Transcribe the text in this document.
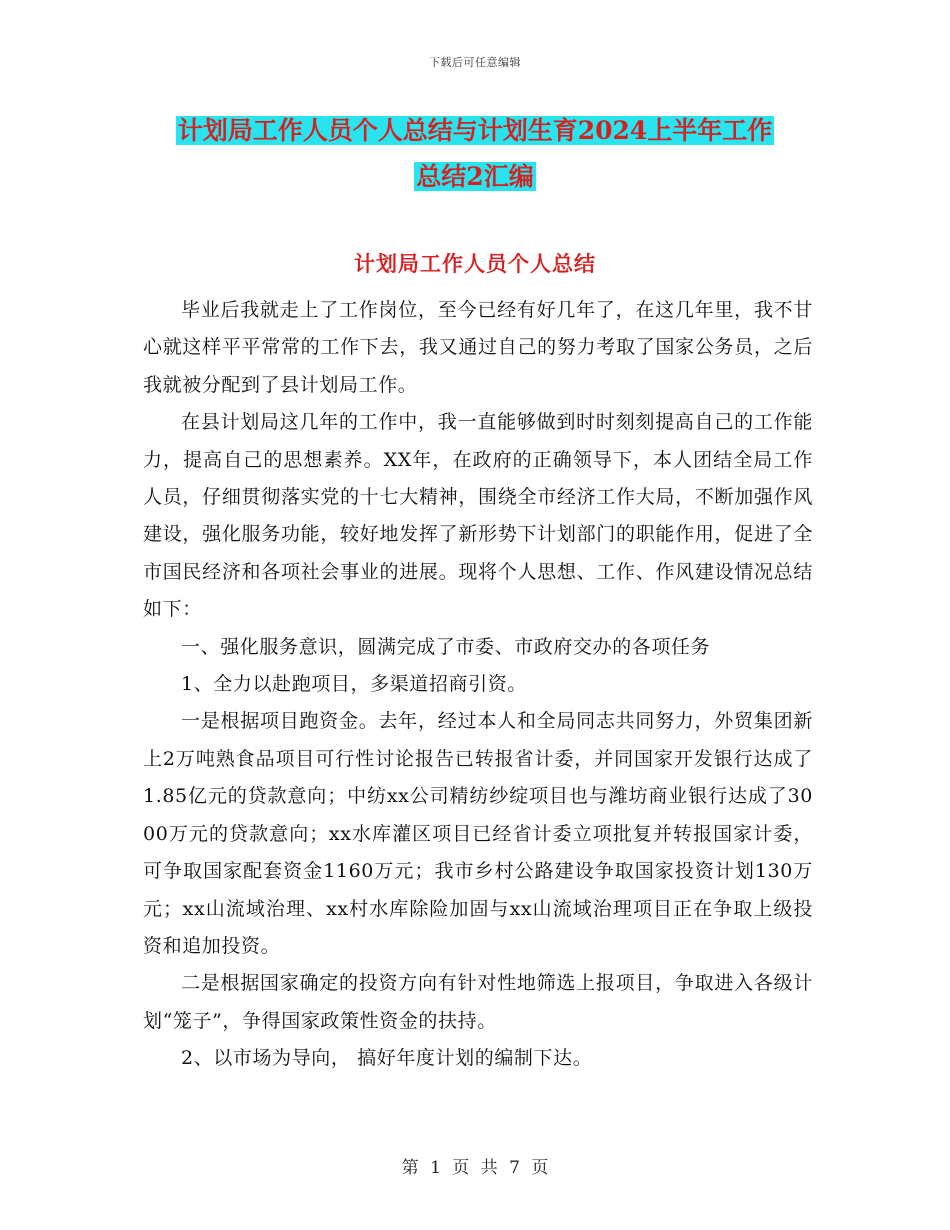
下载后可任意编辑
计划局工作人员个人总结与计划生育2024上半年工作
总结2汇编
计划局工作人员个人总结

毕业后我就走上了工作岗位，至今已经有好几年了，在这几年里，我不甘心就这样平平常常的工作下去，我又通过自己的努力考取了国家公务员，之后我就被分配到了县计划局工作。

在县计划局这几年的工作中，我一直能够做到时时刻刻提高自己的工作能力，提高自己的思想素养。XX年，在政府的正确领导下，本人团结全局工作人员，仔细贯彻落实党的十七大精神，围绕全市经济工作大局，不断加强作风建设，强化服务功能，较好地发挥了新形势下计划部门的职能作用，促进了全市国民经济和各项社会事业的进展。现将个人思想、工作、作风建设情况总结如下：

一、强化服务意识，圆满完成了市委、市政府交办的各项任务

1、全力以赴跑项目，多渠道招商引资。

一是根据项目跑资金。去年，经过本人和全局同志共同努力，外贸集团新上2万吨熟食品项目可行性讨论报告已转报省计委，并同国家开发银行达成了1.85亿元的贷款意向；中纺xx公司精纺纱绽项目也与潍坊商业银行达成了3000万元的贷款意向；xx水库灌区项目已经省计委立项批复并转报国家计委，可争取国家配套资金1160万元；我市乡村公路建设争取国家投资计划130万元；xx山流域治理、xx村水库除险加固与xx山流域治理项目正在争取上级投资和追加投资。

二是根据国家确定的投资方向有针对性地筛选上报项目，争取进入各级计划“笼子”，争得国家政策性资金的扶持。

2、以市场为导向， 搞好年度计划的编制下达。

第 1 页 共 7 页
